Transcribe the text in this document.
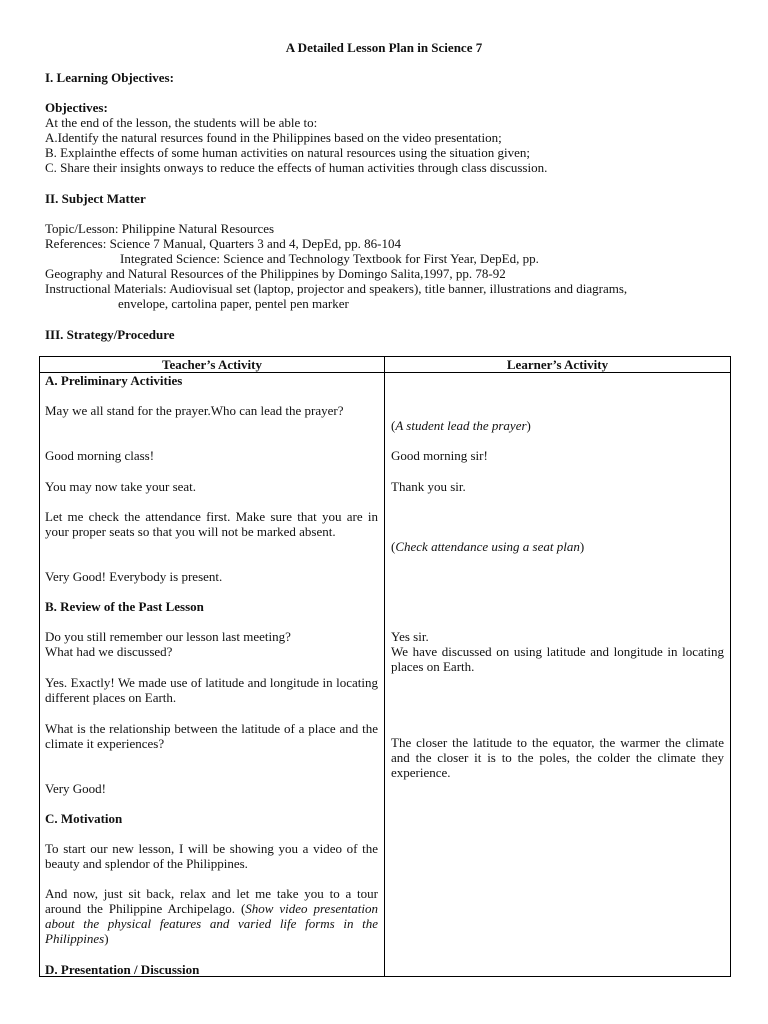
A Detailed Lesson Plan in Science 7
I. Learning Objectives:
Objectives:
At the end of the lesson, the students will be able to:
A.Identify the natural resurces found in the Philippines based on the video presentation;
B. Explainthe effects of some human activities on natural resources using the situation given;
C. Share their insights onways to reduce the effects of human activities through class discussion.
II. Subject Matter
Topic/Lesson: Philippine Natural Resources
References: Science 7 Manual, Quarters 3 and 4, DepEd, pp. 86-104
Integrated Science: Science and Technology Textbook for First Year, DepEd, pp.
Geography and Natural Resources of the Philippines by Domingo Salita,1997, pp. 78-92
Instructional Materials: Audiovisual set (laptop, projector and speakers), title banner, illustrations and diagrams,
envelope, cartolina paper, pentel pen marker
III. Strategy/Procedure
Teacher’s Activity	Learner’s Activity
A. Preliminary Activities
May we all stand for the prayer.Who can lead the prayer?
Good morning class!
You may now take your seat.
Let me check the attendance first. Make sure that you are in your proper seats so that you will not be marked absent.
Very Good! Everybody is present.
B. Review of the Past Lesson
Do you still remember our lesson last meeting?
What had we discussed?
Yes. Exactly! We made use of latitude and longitude in locating different places on Earth.
What is the relationship between the latitude of a place and the climate it experiences?
Very Good!
C. Motivation
To start our new lesson, I will be showing you a video of the beauty and splendor of the Philippines.
And now, just sit back, relax and let me take you to a tour around the Philippine Archipelago. (Show video presentation about the physical features and varied life forms in the Philippines)
D. Presentation / Discussion
(A student lead the prayer)
Good morning sir!
Thank you sir.
(Check attendance using a seat plan)
Yes sir.
We have discussed on using latitude and longitude in locating places on Earth.
The closer the latitude to the equator, the warmer the climate and the closer it is to the poles, the colder the climate they experience.
